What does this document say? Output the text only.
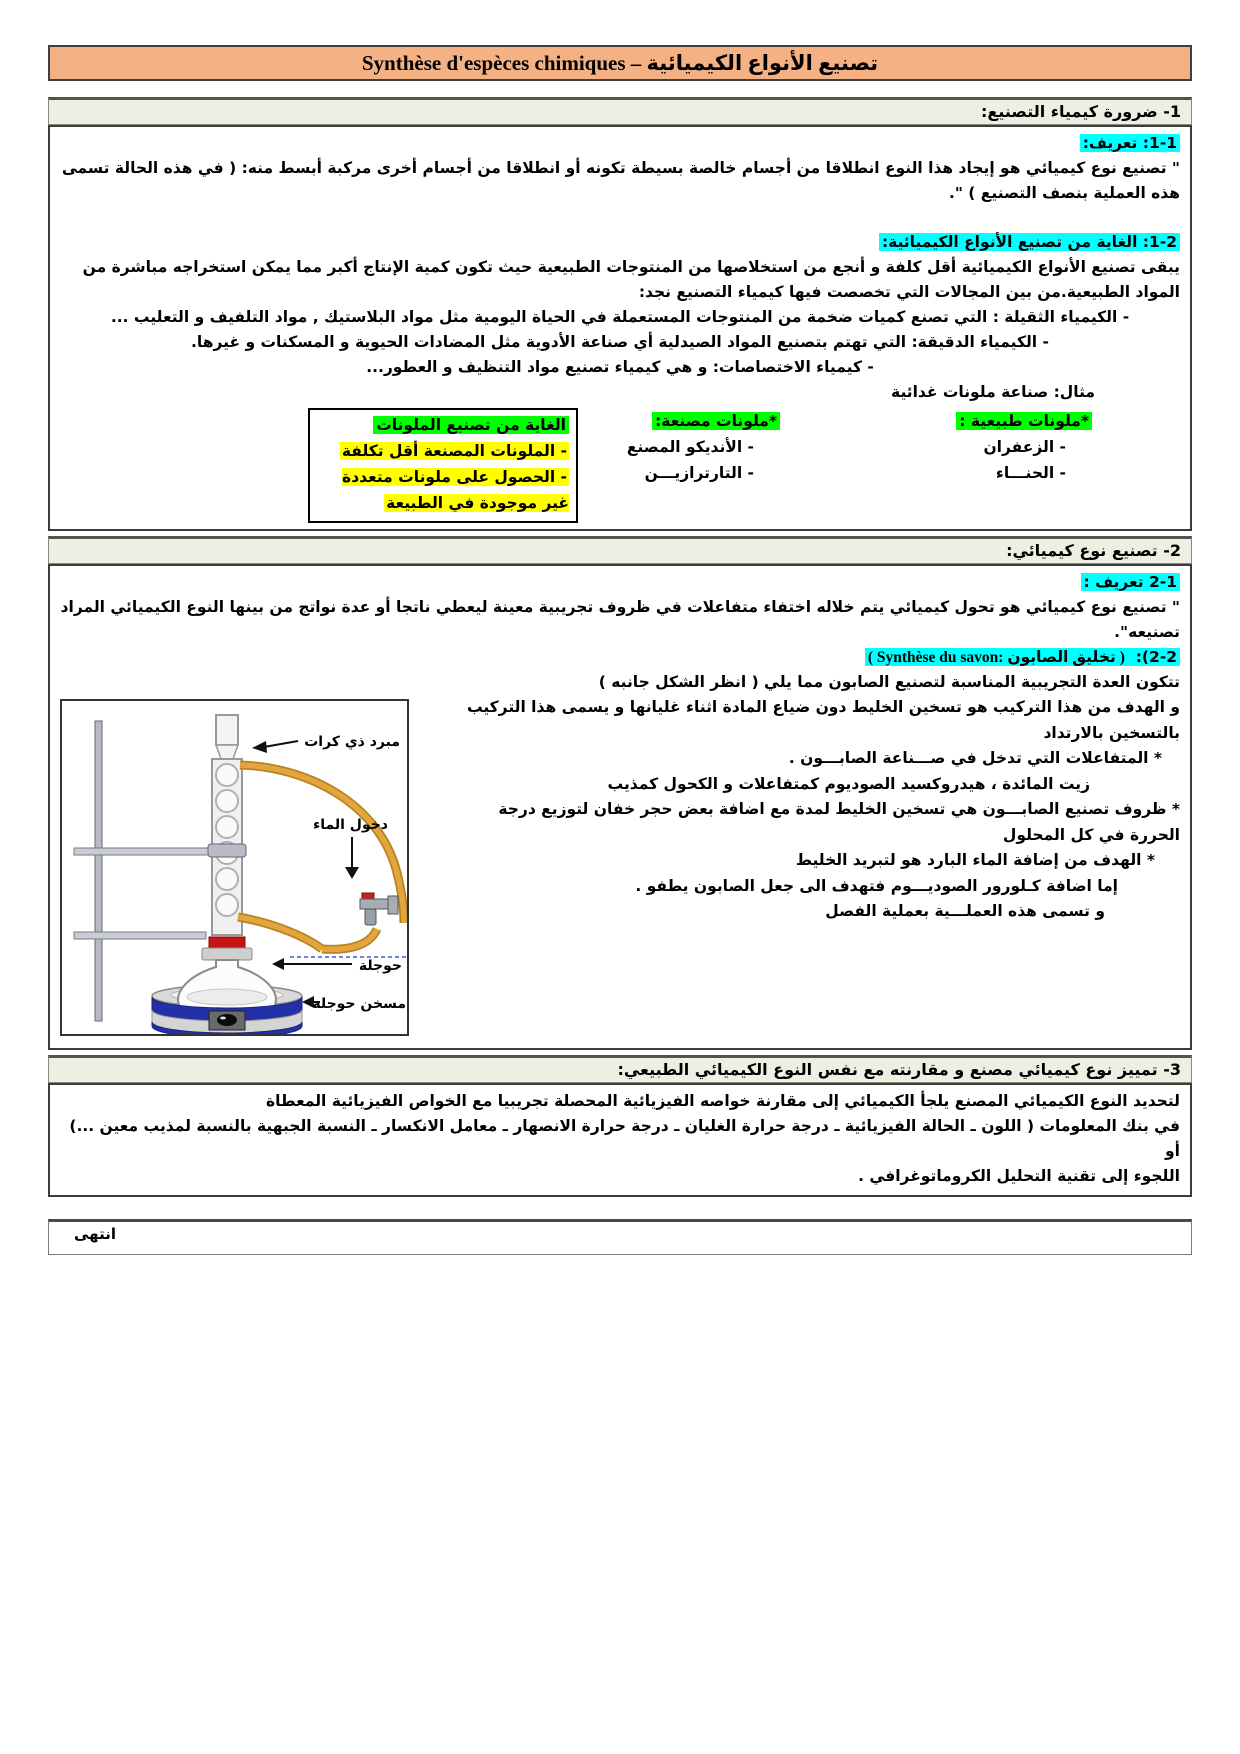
تصنيع الأنواع الكيميائية – Synthèse d'espèces chimiques
1- ضرورة كيمياء التصنيع:
1-1: تعريف:
" تصنيع نوع كيميائي هو إيجاد هذا النوع انطلاقا من أجسام خالصة بسيطة تكونه أو انطلاقا من أجسام أخرى مركبة أبسط منه: ( في هذه الحالة تسمى
هذه العملية بنصف التصنيع ) ".
1-2: الغاية من تصنيع الأنواع الكيميائية:
يبقى تصنيع الأنواع الكيميائية أقل كلفة و أنجع من استخلاصها من المنتوجات الطبيعية حيث تكون كمية الإنتاج أكبر مما يمكن استخراجه مباشرة من
المواد الطبيعية.من بين المجالات التي تخصصت فيها كيمياء التصنيع نجد:
- الكيمياء الثقيلة : التي تصنع كميات ضخمة من المنتوجات المستعملة في الحياة اليومية مثل مواد البلاستيك , مواد التلفيف و التعليب ...
- الكيمياء الدقيقة: التي تهتم بتصنيع المواد الصيدلية أي صناعة الأدوية مثل المضادات الحيوية و المسكنات و غيرها.
- كيمياء الاختصاصات: و هي كيمياء تصنيع مواد التنظيف و العطور...
مثال: صناعة ملونات غدائية
*ملونات طبيعية :
- الزعفران
- الحنـــاء
*ملونات مصنعة:
- الأنديكو المصنع
- التارترازيـــن
الغاية من تصنيع الملونات
- الملونات المصنعة أقل تكلفة
- الحصول على ملونات متعددة غير موجودة في الطبيعة
2- تصنيع نوع كيميائي:
2-1 تعريف :
" تصنيع نوع كيميائي هو تحول كيميائي يتم خلاله اختفاء متفاعلات في ظروف تجريبية معينة ليعطي ناتجا أو عدة نواتج من بينها النوع الكيميائي المراد
تصنيعه".
2-2):  ( Synthèse du savon: تخليق الصابون )
تتكون العدة التجريبية المناسبة لتصنيع الصابون مما يلي ( انظر الشكل جانبه )
مبرد ذي كرات
دخول الماء
حوجلة
مسخن حوجلة
و الهدف من هذا التركيب هو تسخين الخليط دون ضياع المادة اثناء غليانها و يسمى هذا التركيب
بالتسخين بالارتداد
* المتفاعلات التي تدخل في صـــناعة الصابـــون .
زيت المائدة ، هيدروكسيد الصوديوم كمتفاعلات و الكحول كمذيب
* ظروف تصنيع الصابـــون هي تسخين الخليط لمدة مع اضافة بعض حجر خفان لتوزيع درجة
الحررة في كل المحلول
* الهدف من إضافة الماء البارد هو لتبريد الخليط
إما اضافة كـلورور الصوديـــوم فتهدف الى جعل الصابون يطفو .
و تسمى هذه العملـــية بعملية الفصل
3- تمييز نوع كيميائي مصنع و مقارنته مع نفس النوع الكيميائي الطبيعي:
لتحديد النوع الكيميائي المصنع يلجأ الكيميائي إلى مقارنة خواصه الفيزيائية المحصلة تجريبيا مع الخواص الفيزيائية المعطاة
في بنك المعلومات ( اللون ـ الحالة الفيزيائية ـ درجة حرارة الغليان ـ درجة حرارة الانصهار ـ معامل الانكسار ـ النسبة الجبهية بالنسبة لمذيب معين ...) أو
اللجوء إلى تقنية التحليل الكروماتوغرافي .
انتهى
